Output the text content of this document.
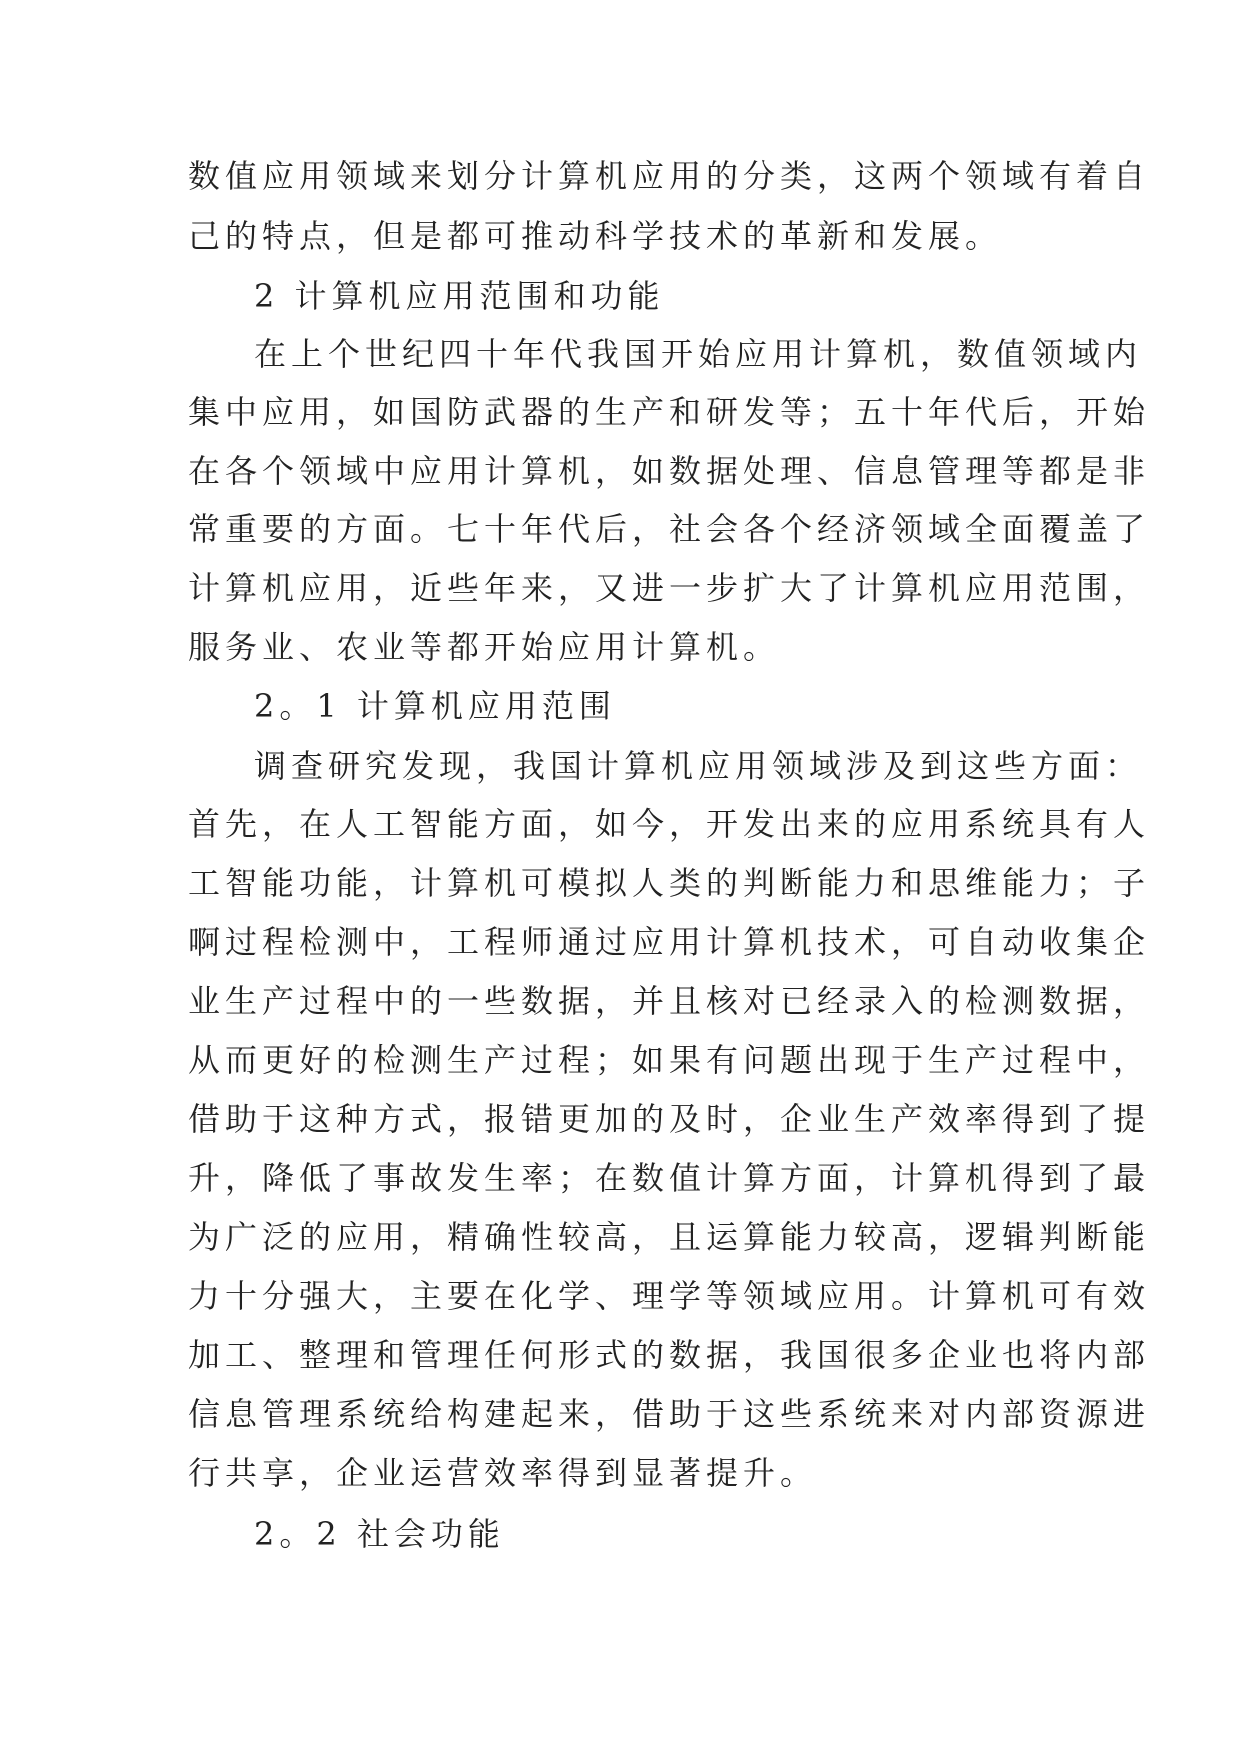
数值应用领域来划分计算机应用的分类，这两个领域有着自
己的特点，但是都可推动科学技术的革新和发展。
2 计算机应用范围和功能
在上个世纪四十年代我国开始应用计算机，数值领域内
集中应用，如国防武器的生产和研发等；五十年代后，开始
在各个领域中应用计算机，如数据处理、信息管理等都是非
常重要的方面。七十年代后，社会各个经济领域全面覆盖了
计算机应用，近些年来，又进一步扩大了计算机应用范围，
服务业、农业等都开始应用计算机。
2。1 计算机应用范围
调查研究发现，我国计算机应用领域涉及到这些方面：
首先，在人工智能方面，如今，开发出来的应用系统具有人
工智能功能，计算机可模拟人类的判断能力和思维能力；子
啊过程检测中，工程师通过应用计算机技术，可自动收集企
业生产过程中的一些数据，并且核对已经录入的检测数据，
从而更好的检测生产过程；如果有问题出现于生产过程中，
借助于这种方式，报错更加的及时，企业生产效率得到了提
升，降低了事故发生率；在数值计算方面，计算机得到了最
为广泛的应用，精确性较高，且运算能力较高，逻辑判断能
力十分强大，主要在化学、理学等领域应用。计算机可有效
加工、整理和管理任何形式的数据，我国很多企业也将内部
信息管理系统给构建起来，借助于这些系统来对内部资源进
行共享，企业运营效率得到显著提升。
2。2 社会功能
